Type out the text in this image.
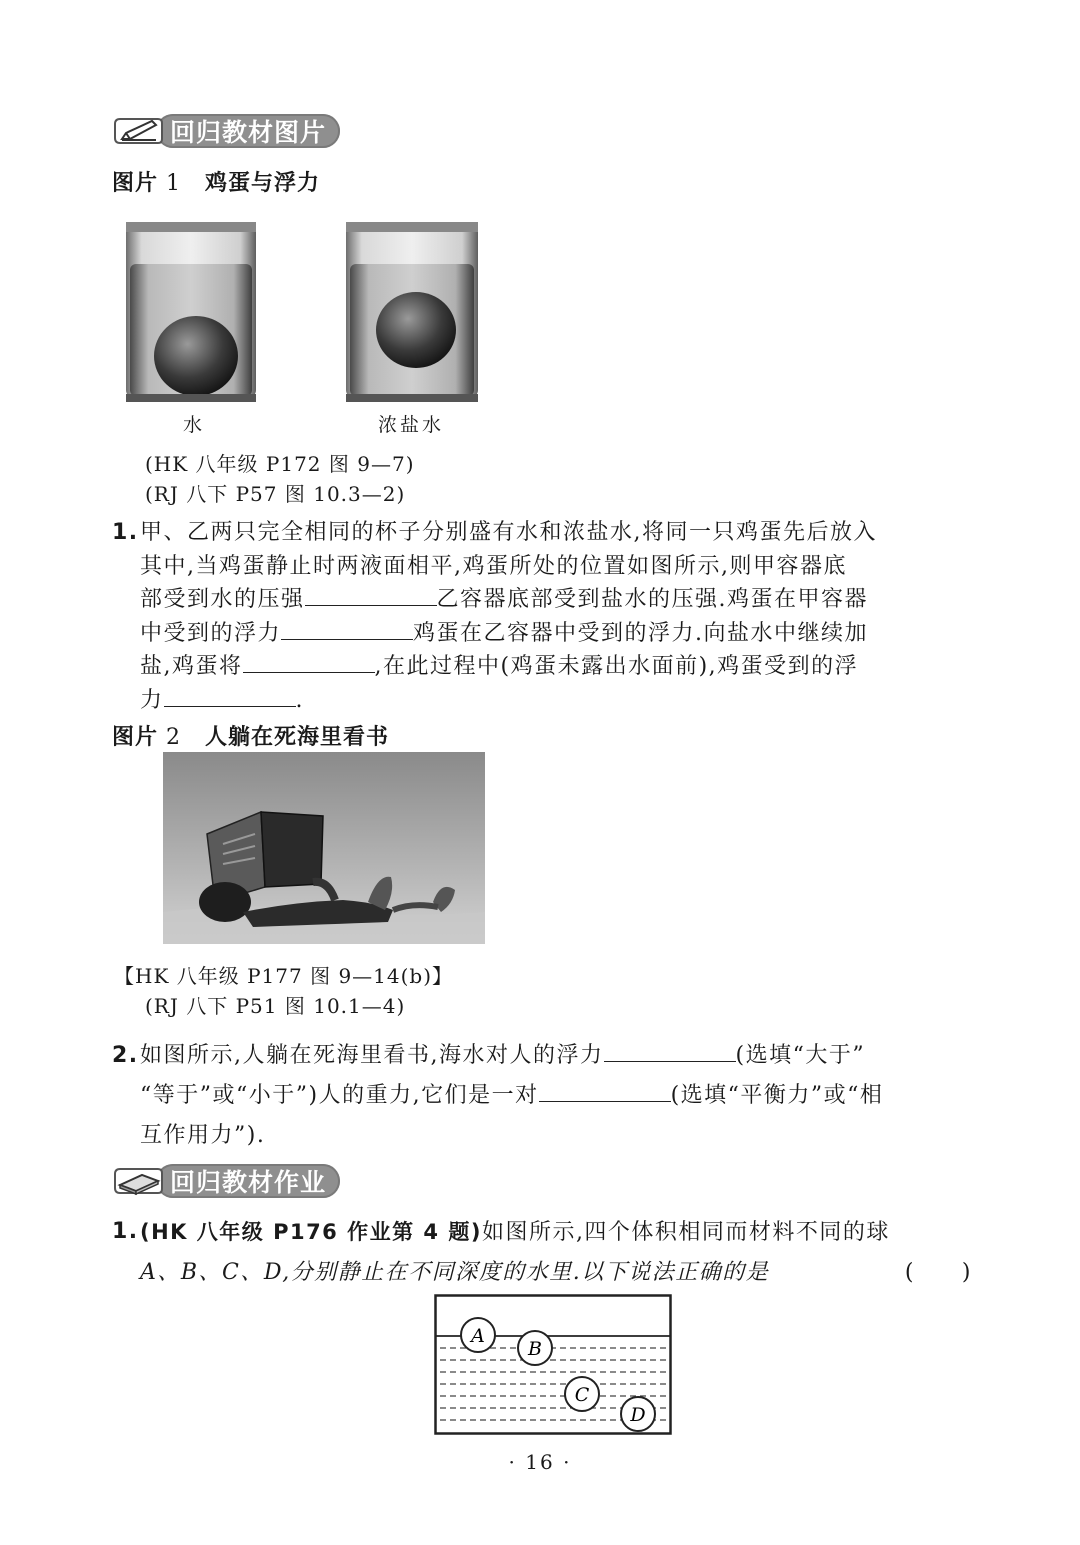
回归教材图片
图片 1 鸡蛋与浮力
水	浓盐水
(HK 八年级 P172 图 9—7)
(RJ 八下 P57 图 10.3—2)
1. 甲、乙两只完全相同的杯子分别盛有水和浓盐水,将同一只鸡蛋先后放入
其中,当鸡蛋静止时两液面相平,鸡蛋所处的位置如图所示,则甲容器底
部受到水的压强	乙容器底部受到盐水的压强.鸡蛋在甲容器
中受到的浮力	鸡蛋在乙容器中受到的浮力.向盐水中继续加
盐,鸡蛋将	,在此过程中(鸡蛋未露出水面前),鸡蛋受到的浮
力	.
图片 2 人躺在死海里看书
【HK 八年级 P177 图 9—14(b)】
(RJ 八下 P51 图 10.1—4)
2. 如图所示,人躺在死海里看书,海水对人的浮力	(选填“大于”
“等于”或“小于”)人的重力,它们是一对	(选填“平衡力”或“相
互作用力”).
回归教材作业
1. (HK 八年级 P176 作业第 4 题)如图所示,四个体积相同而材料不同的球
A、B、C、D,分别静止在不同深度的水里.以下说法正确的是	(　　)
A
B
C
D
· 16 ·
